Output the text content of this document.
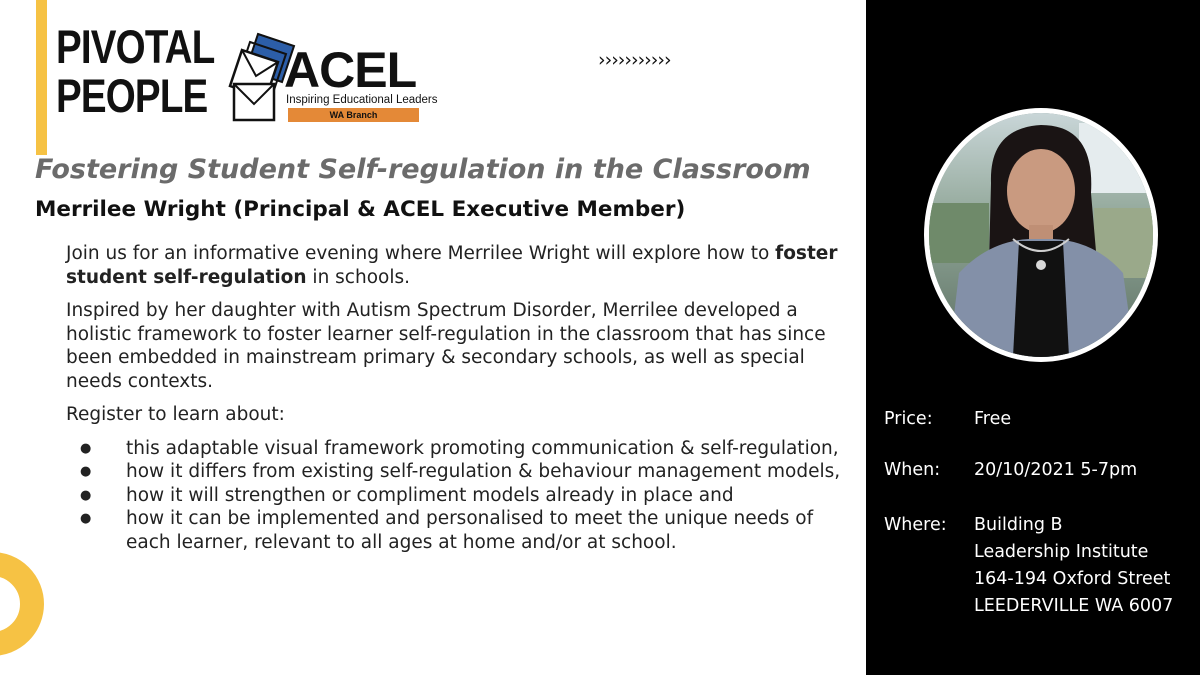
PIVOTAL
PEOPLE ACEL
Inspiring Educational Leaders
WA Branch
›››››››››››
Fostering Student Self-regulation in the Classroom
Merrilee Wright (Principal & ACEL Executive Member)

Join us for an informative evening where Merrilee Wright will explore how to foster student self-regulation in schools.

Inspired by her daughter with Autism Spectrum Disorder, Merrilee developed a holistic framework to foster learner self-regulation in the classroom that has since been embedded in mainstream primary & secondary schools, as well as special needs contexts.

Register to learn about:

● this adaptable visual framework promoting communication & self-regulation,
● how it differs from existing self-regulation & behaviour management models,
● how it will strengthen or compliment models already in place and
● how it can be implemented and personalised to meet the unique needs of each learner, relevant to all ages at home and/or at school.
Price: Free
When: 20/10/2021 5-7pm
Where: Building B
Leadership Institute
164-194 Oxford Street
LEEDERVILLE WA 6007
